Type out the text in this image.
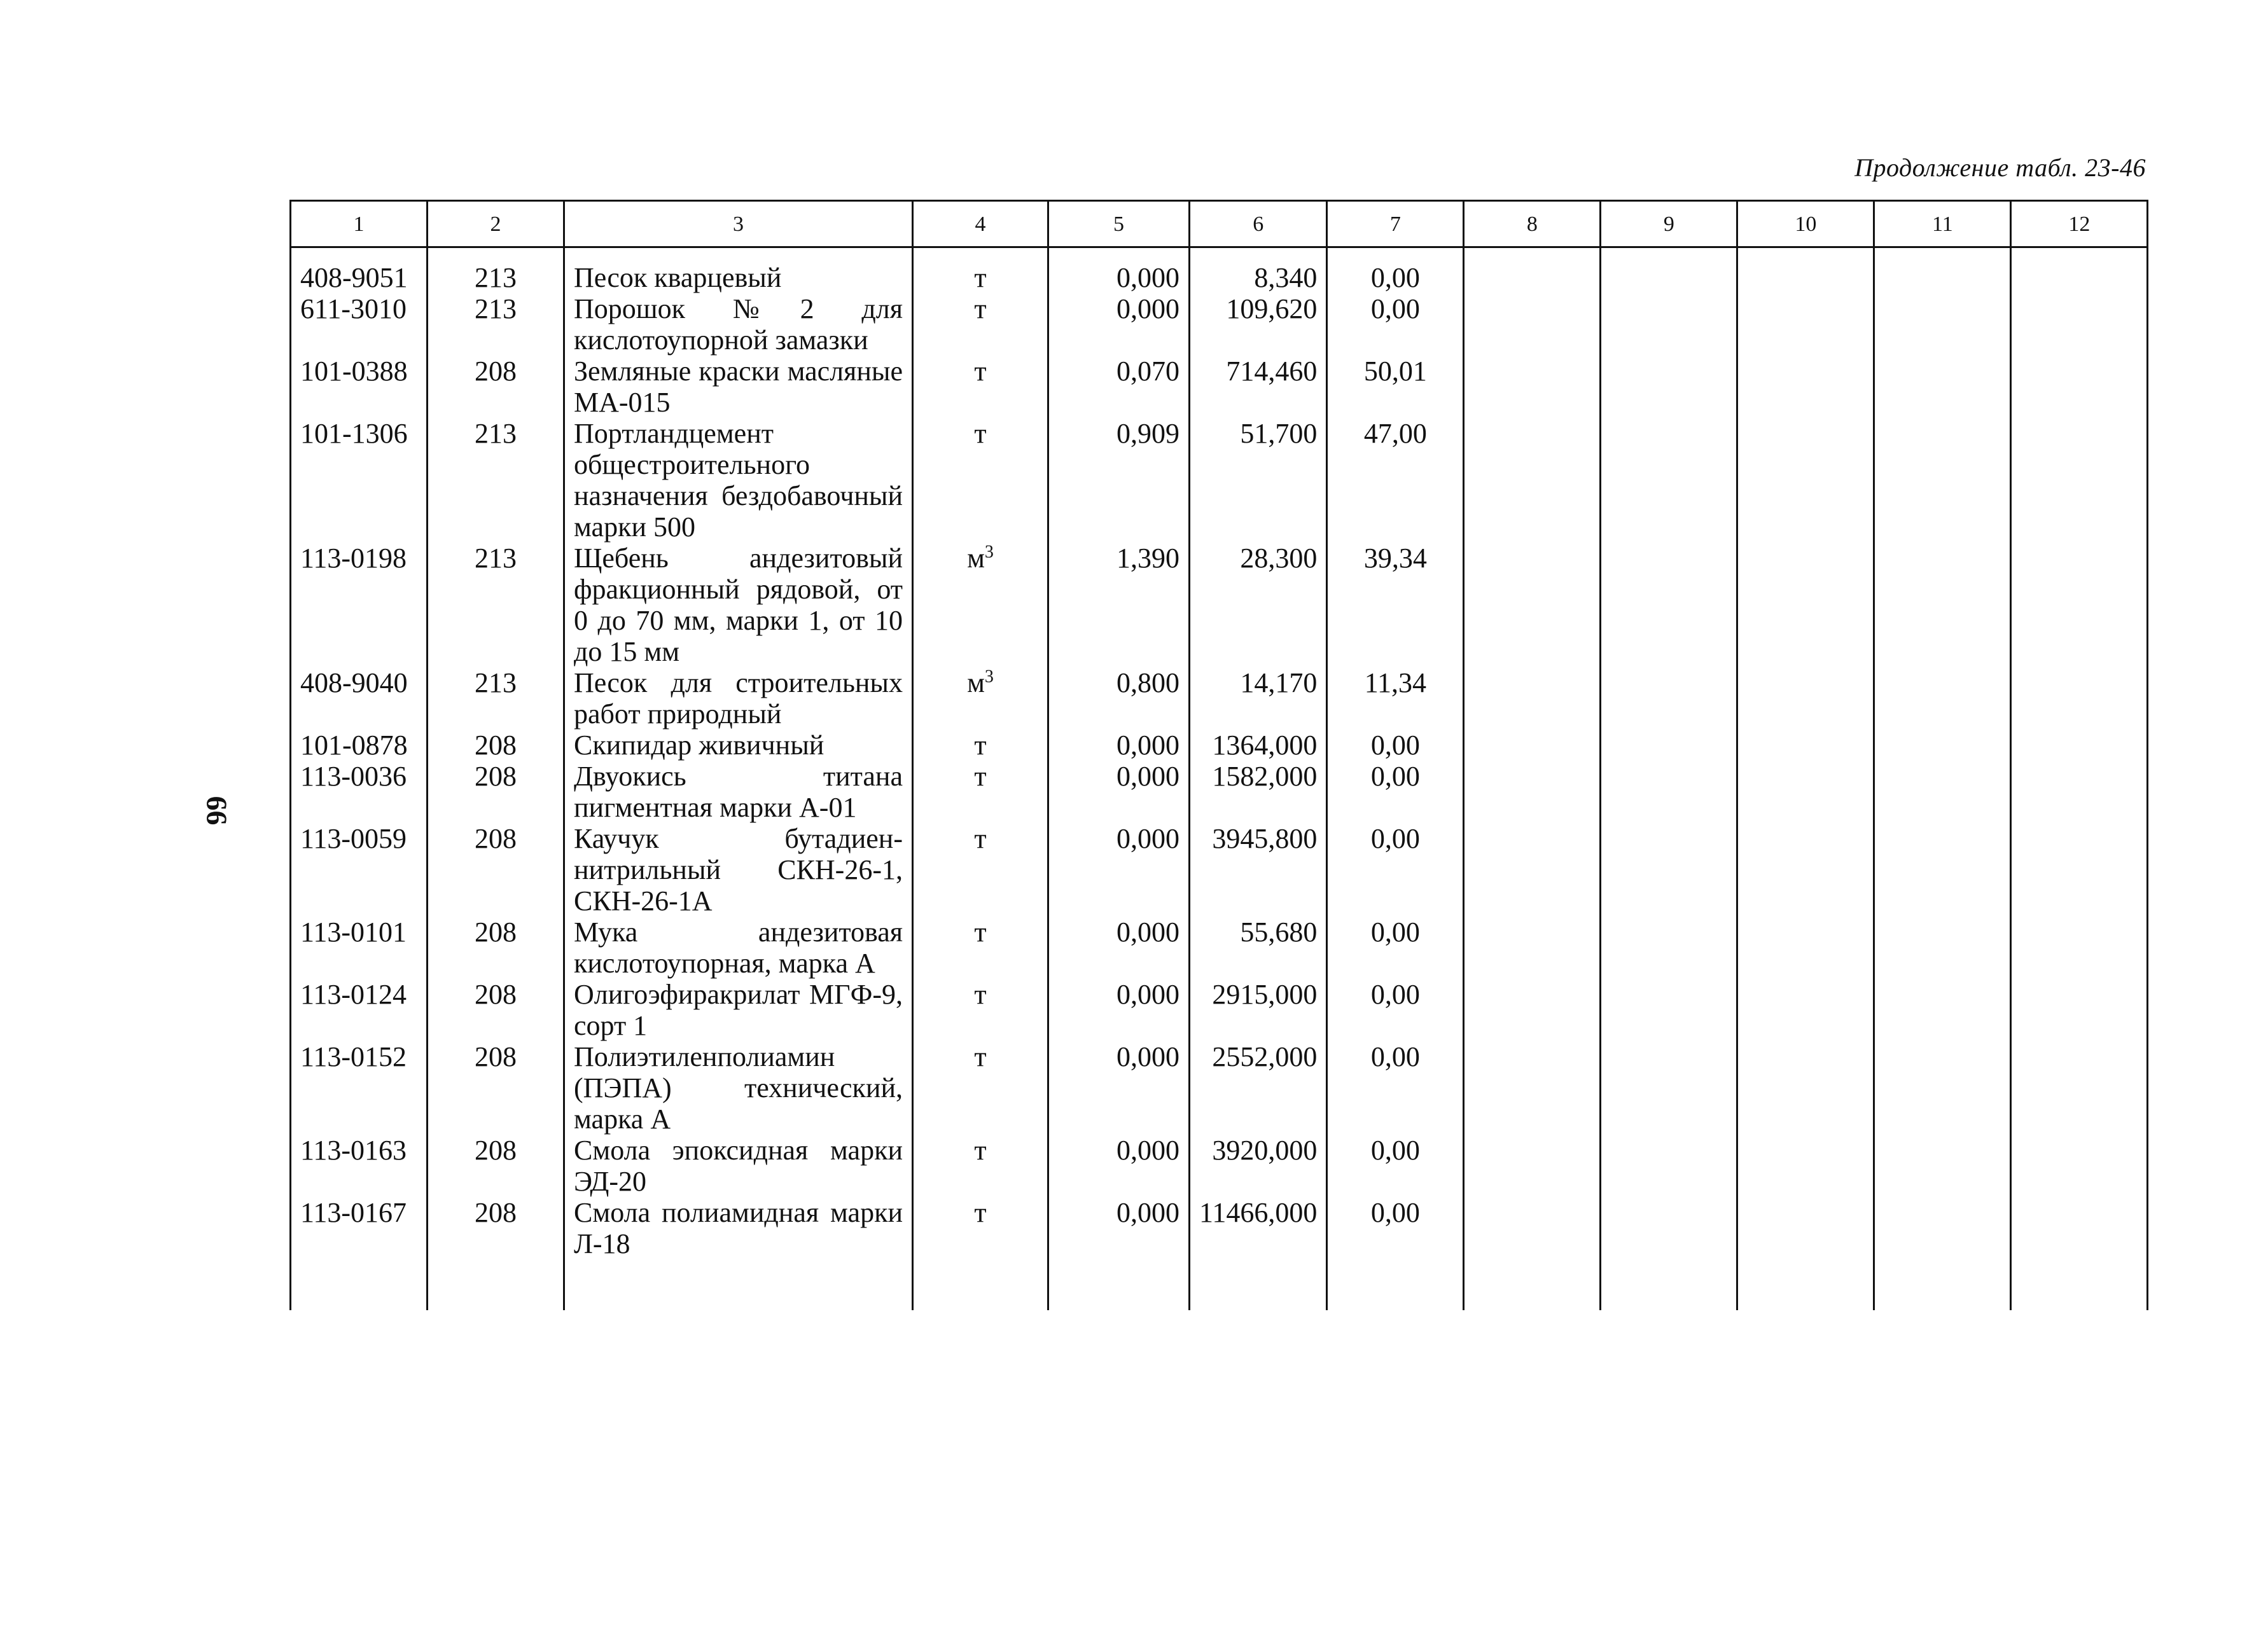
Продолжение табл. 23-46
66
1	2	3	4	5	6	7	8	9	10	11	12
408-9051	213	Песок кварцевый	т	0,000	8,340	0,00					
611-3010	213	Порошок №2 для кислотоупорной замазки	т	0,000	109,620	0,00					
101-0388	208	Земляные краски масляные МА-015	т	0,070	714,460	50,01					
101-1306	213	Портландцемент общестроительного назначения бездобавочный марки 500	т	0,909	51,700	47,00					
113-0198	213	Щебень андезитовый фракционный рядовой, от 0 до 70 мм, марки 1, от 10 до 15 мм	$м^3$	1,390	28,300	39,34					
408-9040	213	Песок для строительных работ природный	$м^3$	0,800	14,170	11,34					
101-0878	208	Скипидар живичный	т	0,000	1364,000	0,00					
113-0036	208	Двуокись титана пигментная марки А-01	т	0,000	1582,000	0,00					
113-0059	208	Каучук бутадиен-нитрильный СКН-26-1, СКН-26-1А	т	0,000	3945,800	0,00					
113-0101	208	Мука андезитовая кислотоупорная, марка А	т	0,000	55,680	0,00					
113-0124	208	Олигоэфиракрилат МГФ-9, сорт 1	т	0,000	2915,000	0,00					
113-0152	208	Полиэтиленполиамин (ПЭПА) технический, марка А	т	0,000	2552,000	0,00					
113-0163	208	Смола эпоксидная марки ЭД-20	т	0,000	3920,000	0,00					
113-0167	208	Смола полиамидная марки Л-18	т	0,000	11466,000	0,00					
